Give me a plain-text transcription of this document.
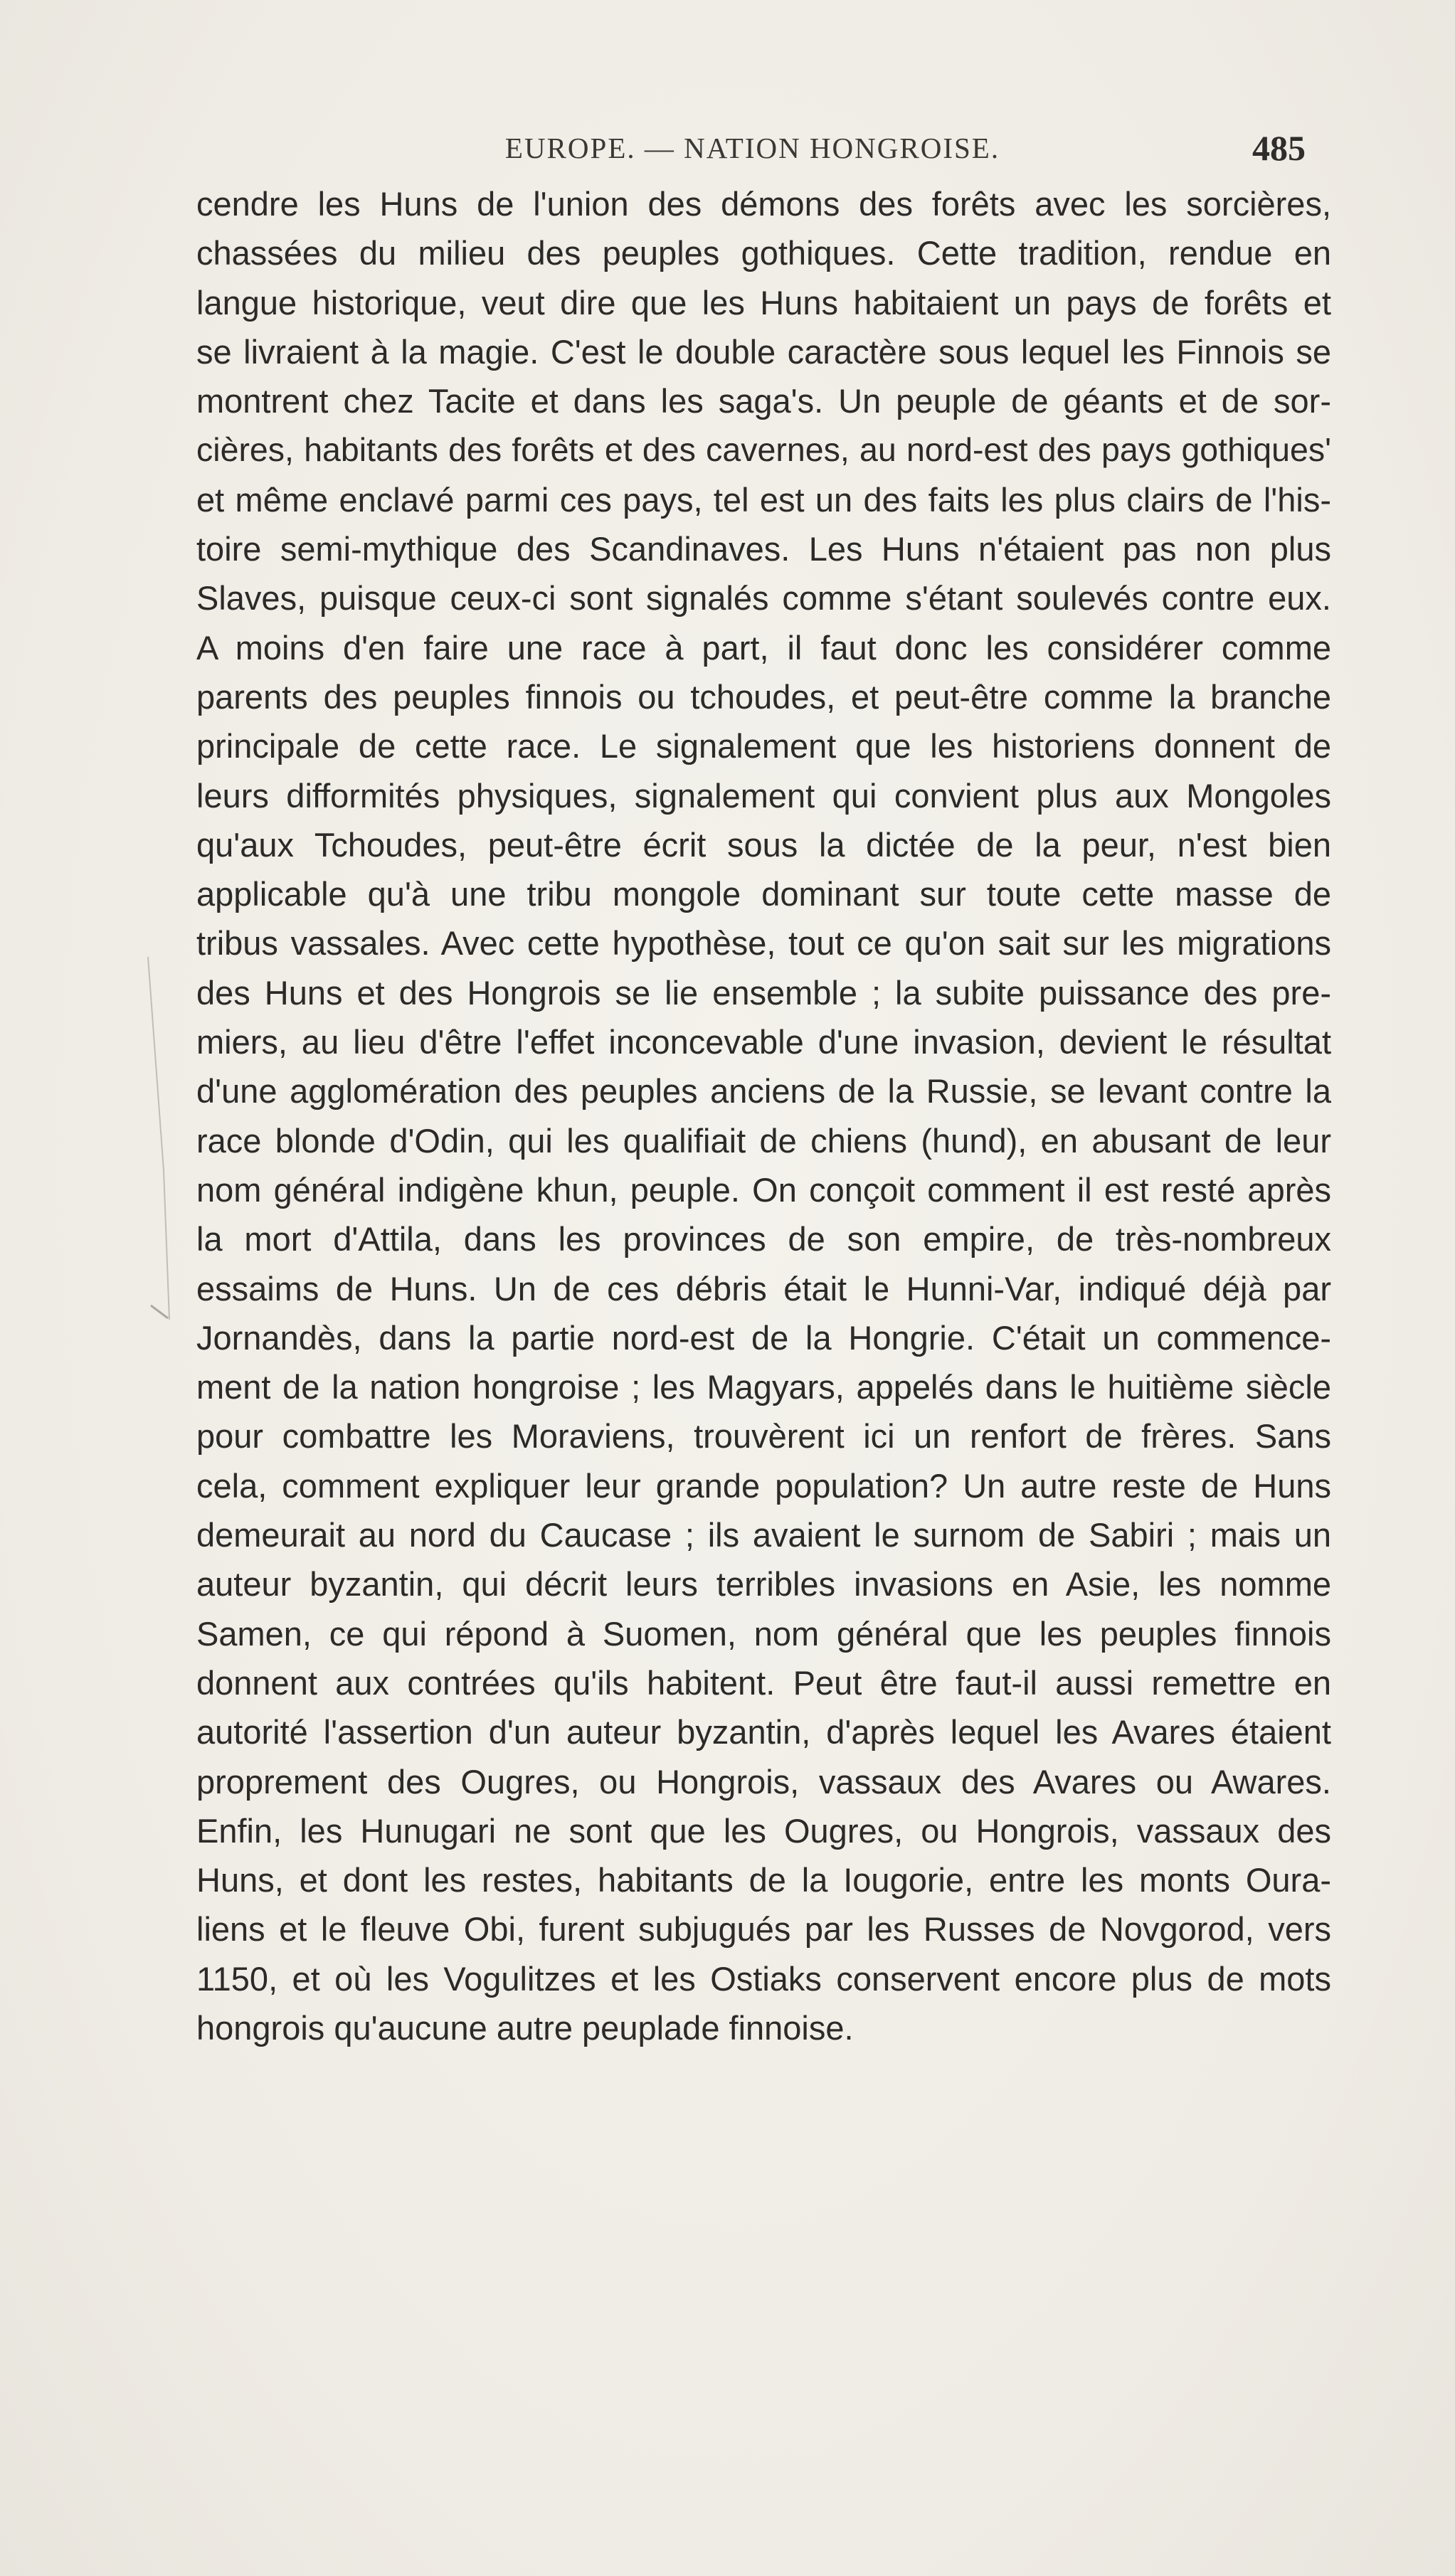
EUROPE. — NATION HONGROISE.	485
cendre les Huns de l'union des démons des forêts avec les sorcières,
chassées du milieu des peuples gothiques. Cette tradition, rendue en
langue historique, veut dire que les Huns habitaient un pays de forêts et
se livraient à la magie. C'est le double caractère sous lequel les Finnois se
montrent chez Tacite et dans les saga's. Un peuple de géants et de sor-
cières, habitants des forêts et des cavernes, au nord-est des pays gothiques'
et même enclavé parmi ces pays, tel est un des faits les plus clairs de l'his-
toire semi-mythique des Scandinaves. Les Huns n'étaient pas non plus
Slaves, puisque ceux-ci sont signalés comme s'étant soulevés contre eux.
A moins d'en faire une race à part, il faut donc les considérer comme
parents des peuples finnois ou tchoudes, et peut-être comme la branche
principale de cette race. Le signalement que les historiens donnent de
leurs difformités physiques, signalement qui convient plus aux Mongoles
qu'aux Tchoudes, peut-être écrit sous la dictée de la peur, n'est bien
applicable qu'à une tribu mongole dominant sur toute cette masse de
tribus vassales. Avec cette hypothèse, tout ce qu'on sait sur les migrations
des Huns et des Hongrois se lie ensemble ; la subite puissance des pre-
miers, au lieu d'être l'effet inconcevable d'une invasion, devient le résultat
d'une agglomération des peuples anciens de la Russie, se levant contre la
race blonde d'Odin, qui les qualifiait de chiens (hund), en abusant de leur
nom général indigène khun, peuple. On conçoit comment il est resté après
la mort d'Attila, dans les provinces de son empire, de très-nombreux
essaims de Huns. Un de ces débris était le Hunni-Var, indiqué déjà par
Jornandès, dans la partie nord-est de la Hongrie. C'était un commence-
ment de la nation hongroise ; les Magyars, appelés dans le huitième siècle
pour combattre les Moraviens, trouvèrent ici un renfort de frères. Sans
cela, comment expliquer leur grande population? Un autre reste de Huns
demeurait au nord du Caucase ; ils avaient le surnom de Sabiri ; mais un
auteur byzantin, qui décrit leurs terribles invasions en Asie, les nomme
Samen, ce qui répond à Suomen, nom général que les peuples finnois
donnent aux contrées qu'ils habitent. Peut être faut-il aussi remettre en
autorité l'assertion d'un auteur byzantin, d'après lequel les Avares étaient
proprement des Ougres, ou Hongrois, vassaux des Avares ou Awares.
Enfin, les Hunugari ne sont que les Ougres, ou Hongrois, vassaux des
Huns, et dont les restes, habitants de la Iougorie, entre les monts Oura-
liens et le fleuve Obi, furent subjugués par les Russes de Novgorod, vers
1150, et où les Vogulitzes et les Ostiaks conservent encore plus de mots
hongrois qu'aucune autre peuplade finnoise.
